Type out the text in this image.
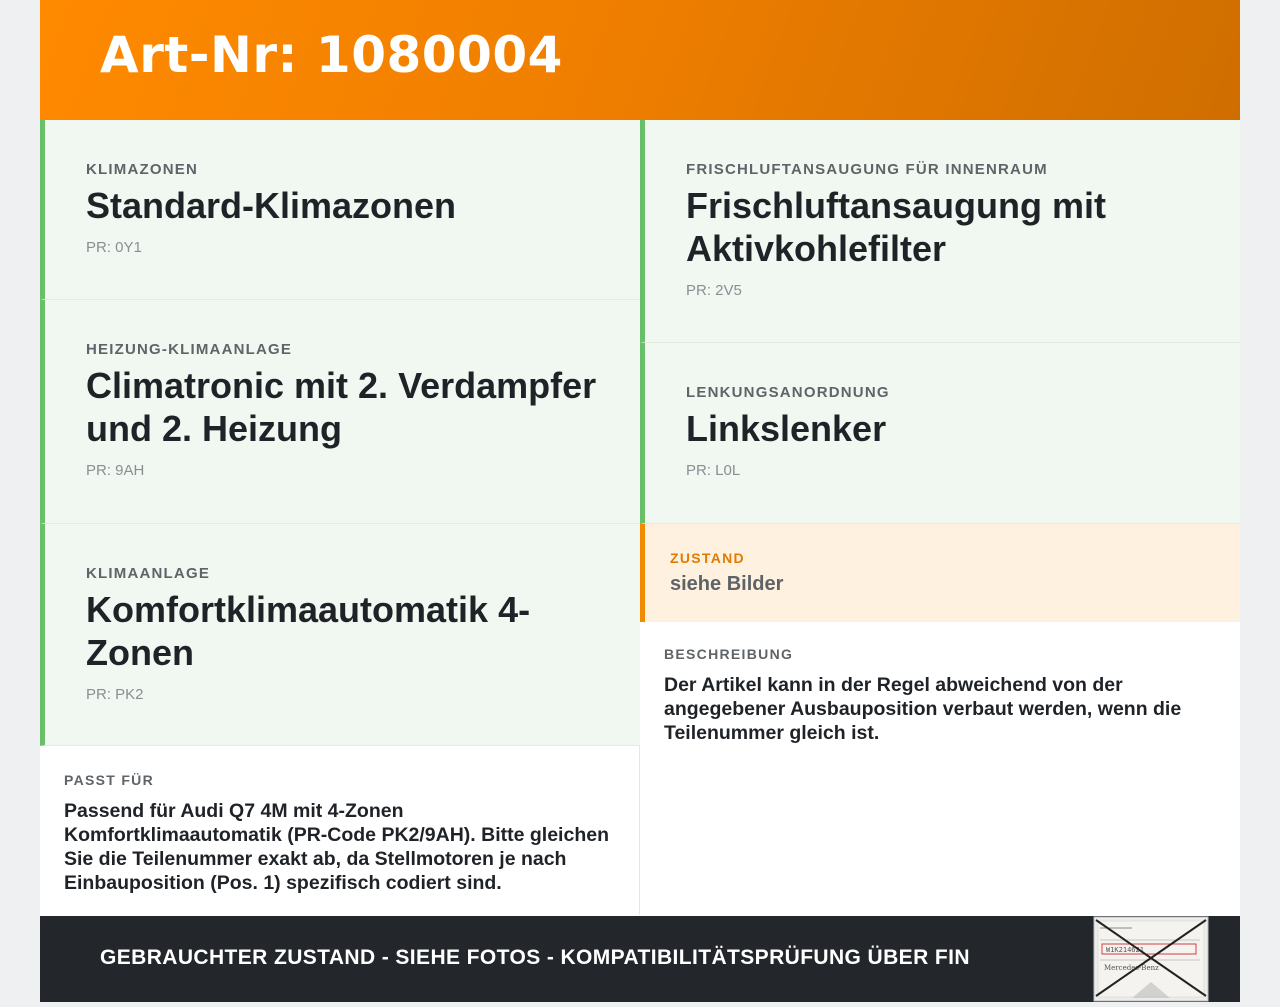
Art-Nr: 1080004
KLIMAZONEN
Standard-Klimazonen
PR: 0Y1
HEIZUNG-KLIMAANLAGE
Climatronic mit 2. Verdampfer und 2. Heizung
PR: 9AH
KLIMAANLAGE
Komfortklimaautomatik 4-Zonen
PR: PK2
PASST FÜR
Passend für Audi Q7 4M mit 4-Zonen Komfortklimaautomatik (PR-Code PK2/9AH). Bitte gleichen Sie die Teilenummer exakt ab, da Stellmotoren je nach Einbauposition (Pos. 1) spezifisch codiert sind.
FRISCHLUFTANSAUGUNG FÜR INNENRAUM
Frischluftansaugung mit Aktivkohlefilter
PR: 2V5
LENKUNGSANORDNUNG
Linkslenker
PR: L0L
ZUSTAND
siehe Bilder
BESCHREIBUNG
Der Artikel kann in der Regel abweichend von der angegebener Ausbauposition verbaut werden, wenn die Teilenummer gleich ist.
GEBRAUCHTER ZUSTAND - SIEHE FOTOS - KOMPATIBILITÄTSPRÜFUNG ÜBER FIN	W1K214621
Mercedes-Benz
